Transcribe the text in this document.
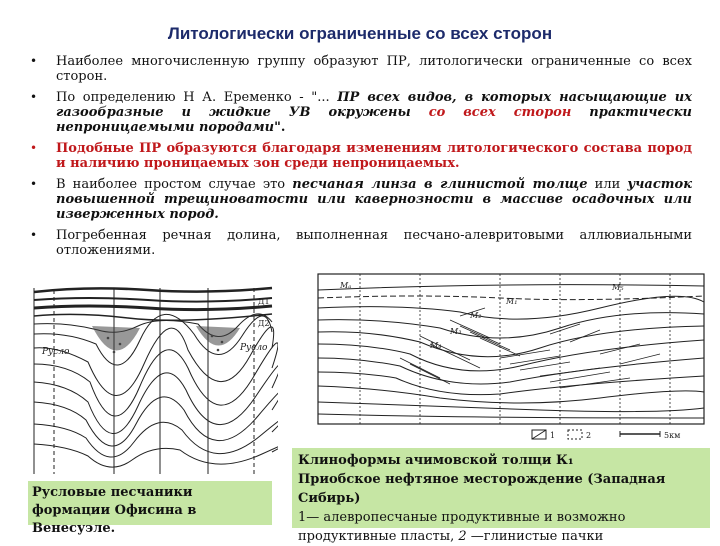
Литологически ограниченные со всех сторон
• Наиболее многочисленную группу образуют ПР, литологически ограниченные со всех сторон.
• По определению Н А. Еременко - "... ПР всех видов, в которых насыщающие их газообразные и жидкие УВ окружены со всех сторон практически непроницаемыми породами".
• Подобные ПР образуются благодаря изменениям литологического состава пород и наличию проницаемых зон среди непроницаемых.
• В наиболее простом случае это песчаная линза в глинистой толще или участок повышенной трещиноватости или кавернозности в массиве осадочных или изверженных пород.
• Погребенная речная долина, выполненная песчано-алевритовыми аллювиальными отложениями.
Русло	Русло
Д1
Д2
Mₐ
M₁
M₂
M₃
M₄
M₅
1	2	5км
Русловые песчаники формации Офисина в Венесуэле.
Клиноформы ачимовской толщи К₁
Приобское нефтяное месторождение (Западная Сибирь)
1— алевропесчаные продуктивные и возможно продуктивные пласты, 2 —глинистые пачки
